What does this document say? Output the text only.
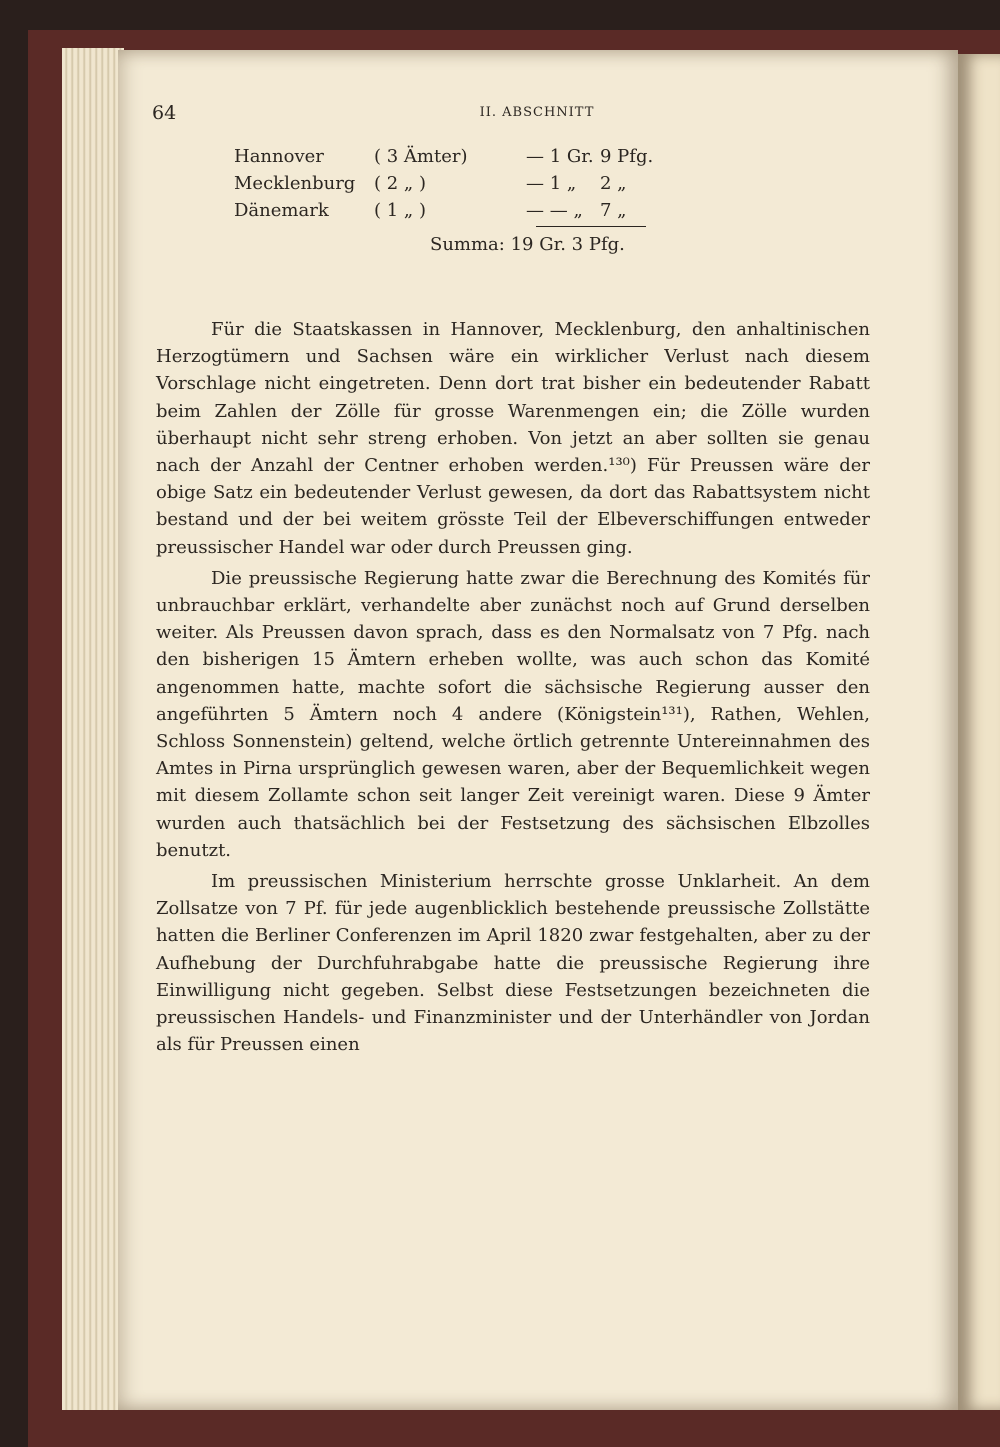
64	II. ABSCHNITT
Hannover	( 3 Ämter)	— 1 Gr. 9 Pfg.
Mecklenburg ( 2 „ )	— 1 „ 2 „
Dänemark	( 1 „ )	— — „ 7 „
Summa: 19 Gr. 3 Pfg.

Für die Staatskassen in Hannover, Mecklenburg, den anhaltinischen Herzogtümern und Sachsen wäre ein wirklicher Verlust nach diesem Vorschlage nicht eingetreten. Denn dort trat bisher ein bedeutender Rabatt beim Zahlen der Zölle für grosse Warenmengen ein; die Zölle wurden überhaupt nicht sehr streng erhoben. Von jetzt an aber sollten sie genau nach der Anzahl der Centner erhoben werden.¹³⁰) Für Preussen wäre der obige Satz ein bedeutender Verlust gewesen, da dort das Rabattsystem nicht bestand und der bei weitem grösste Teil der Elbeverschiffungen entweder preussischer Handel war oder durch Preussen ging.

Die preussische Regierung hatte zwar die Berechnung des Komités für unbrauchbar erklärt, verhandelte aber zunächst noch auf Grund derselben weiter. Als Preussen davon sprach, dass es den Normalsatz von 7 Pfg. nach den bisherigen 15 Ämtern erheben wollte, was auch schon das Komité angenommen hatte, machte sofort die sächsische Regierung ausser den angeführten 5 Ämtern noch 4 andere (Königstein¹³¹), Rathen, Wehlen, Schloss Sonnenstein) geltend, welche örtlich getrennte Untereinnahmen des Amtes in Pirna ursprünglich gewesen waren, aber der Bequemlichkeit wegen mit diesem Zollamte schon seit langer Zeit vereinigt waren. Diese 9 Ämter wurden auch thatsächlich bei der Festsetzung des sächsischen Elbzolles benutzt.

Im preussischen Ministerium herrschte grosse Unklarheit. An dem Zollsatze von 7 Pf. für jede augenblicklich bestehende preussische Zollstätte hatten die Berliner Conferenzen im April 1820 zwar festgehalten, aber zu der Aufhebung der Durchfuhrabgabe hatte die preussische Regierung ihre Einwilligung nicht gegeben. Selbst diese Festsetzungen bezeichneten die preussischen Handels- und Finanzminister und der Unterhändler von Jordan als für Preussen einen
